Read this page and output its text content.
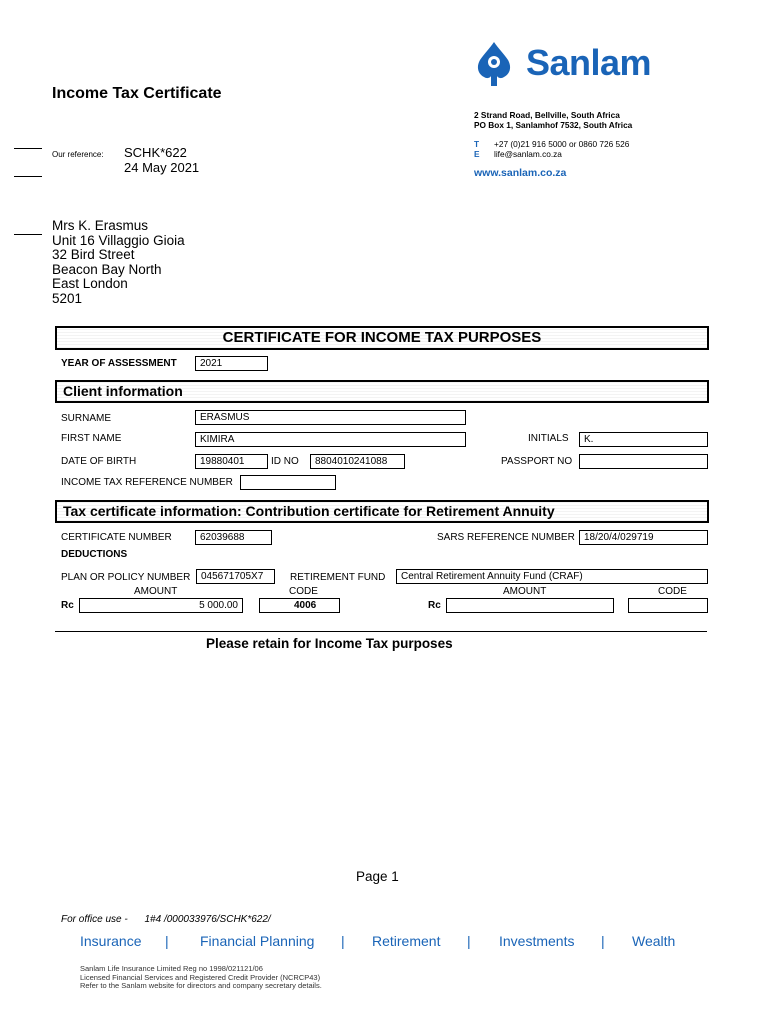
Income Tax Certificate
Our reference: SCHK*622
24 May 2021
Sanlam
2 Strand Road, Bellville, South Africa
PO Box 1, Sanlamhof 7532, South Africa
T +27 (0)21 916 5000 or 0860 726 526
E life@sanlam.co.za
www.sanlam.co.za
Mrs K. Erasmus
Unit 16 Villaggio Gioia
32 Bird Street
Beacon Bay North
East London
5201
CERTIFICATE FOR INCOME TAX PURPOSES
YEAR OF ASSESSMENT	2021
Client information
SURNAME	ERASMUS
FIRST NAME	KIMIRA	INITIALS	K.
DATE OF BIRTH	19880401	ID NO	8804010241088	PASSPORT NO
INCOME TAX REFERENCE NUMBER
Tax certificate information: Contribution certificate for Retirement Annuity
CERTIFICATE NUMBER	62039688	SARS REFERENCE NUMBER 18/20/4/029719
DEDUCTIONS
PLAN OR POLICY NUMBER	045671705X7	RETIREMENT FUND	Central Retirement Annuity Fund (CRAF)
AMOUNT	CODE	AMOUNT	CODE
Rc	5 000.00	4006	Rc
Please retain for Income Tax purposes
Page 1
For office use - 1#4 /000033976/SCHK*622/
Insurance | Financial Planning | Retirement | Investments | Wealth
Sanlam Life Insurance Limited Reg no 1998/021121/06
Licensed Financial Services and Registered Credit Provider (NCRCP43)
Refer to the Sanlam website for directors and company secretary details.
